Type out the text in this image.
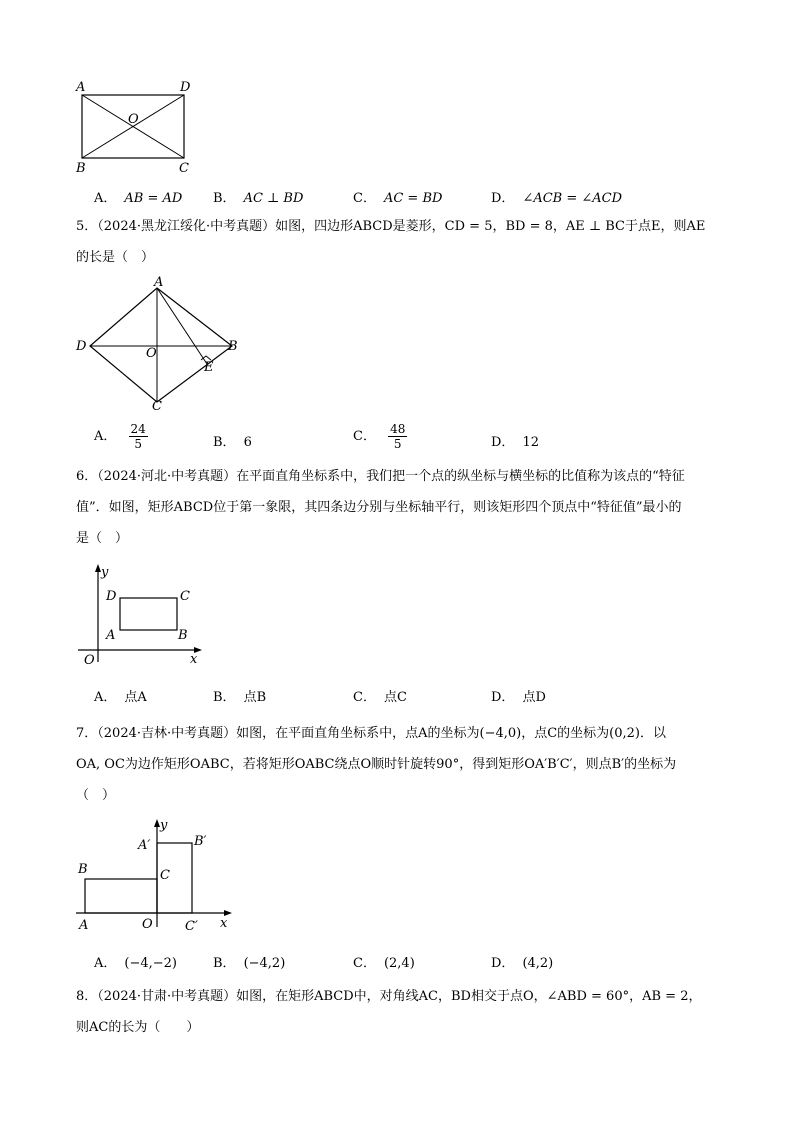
A	D
O
B	C
A． AB = AD B． AC ⊥ BD	C． AC = BD	D． ∠ACB = ∠ACD
5．（2024·黑龙江绥化·中考真题）如图，四边形ABCD是菱形，CD = 5，BD = 8，AE ⊥ BC于点E，则AE
的长是（　）
A
D	O	B
E
C
A． $\frac{24}{5}$	B． 6	C． $\frac{48}{5}$	D． 12
6．（2024·河北·中考真题）在平面直角坐标系中，我们把一个点的纵坐标与横坐标的比值称为该点的“特征
值”．如图，矩形ABCD位于第一象限，其四条边分别与坐标轴平行，则该矩形四个顶点中“特征值”最小的
是（　）
y
x
O
D	C
A	B
A． 点A	B． 点B	C． 点C	D． 点D
7．（2024·吉林·中考真题）如图，在平面直角坐标系中，点A的坐标为(−4,0)，点C的坐标为(0,2)．以
OA, OC为边作矩形OABC，若将矩形OABC绕点O顺时针旋转90°，得到矩形OA′B′C′，则点B′的坐标为
（　）
y
x
A′	B′
B	C
A	O C′
A． (−4,−2)	B． (−4,2)	C． (2,4)	D． (4,2)
8．（2024·甘肃·中考真题）如图，在矩形ABCD中，对角线AC，BD相交于点O，∠ABD = 60°，AB = 2，
则AC的长为（　　）
